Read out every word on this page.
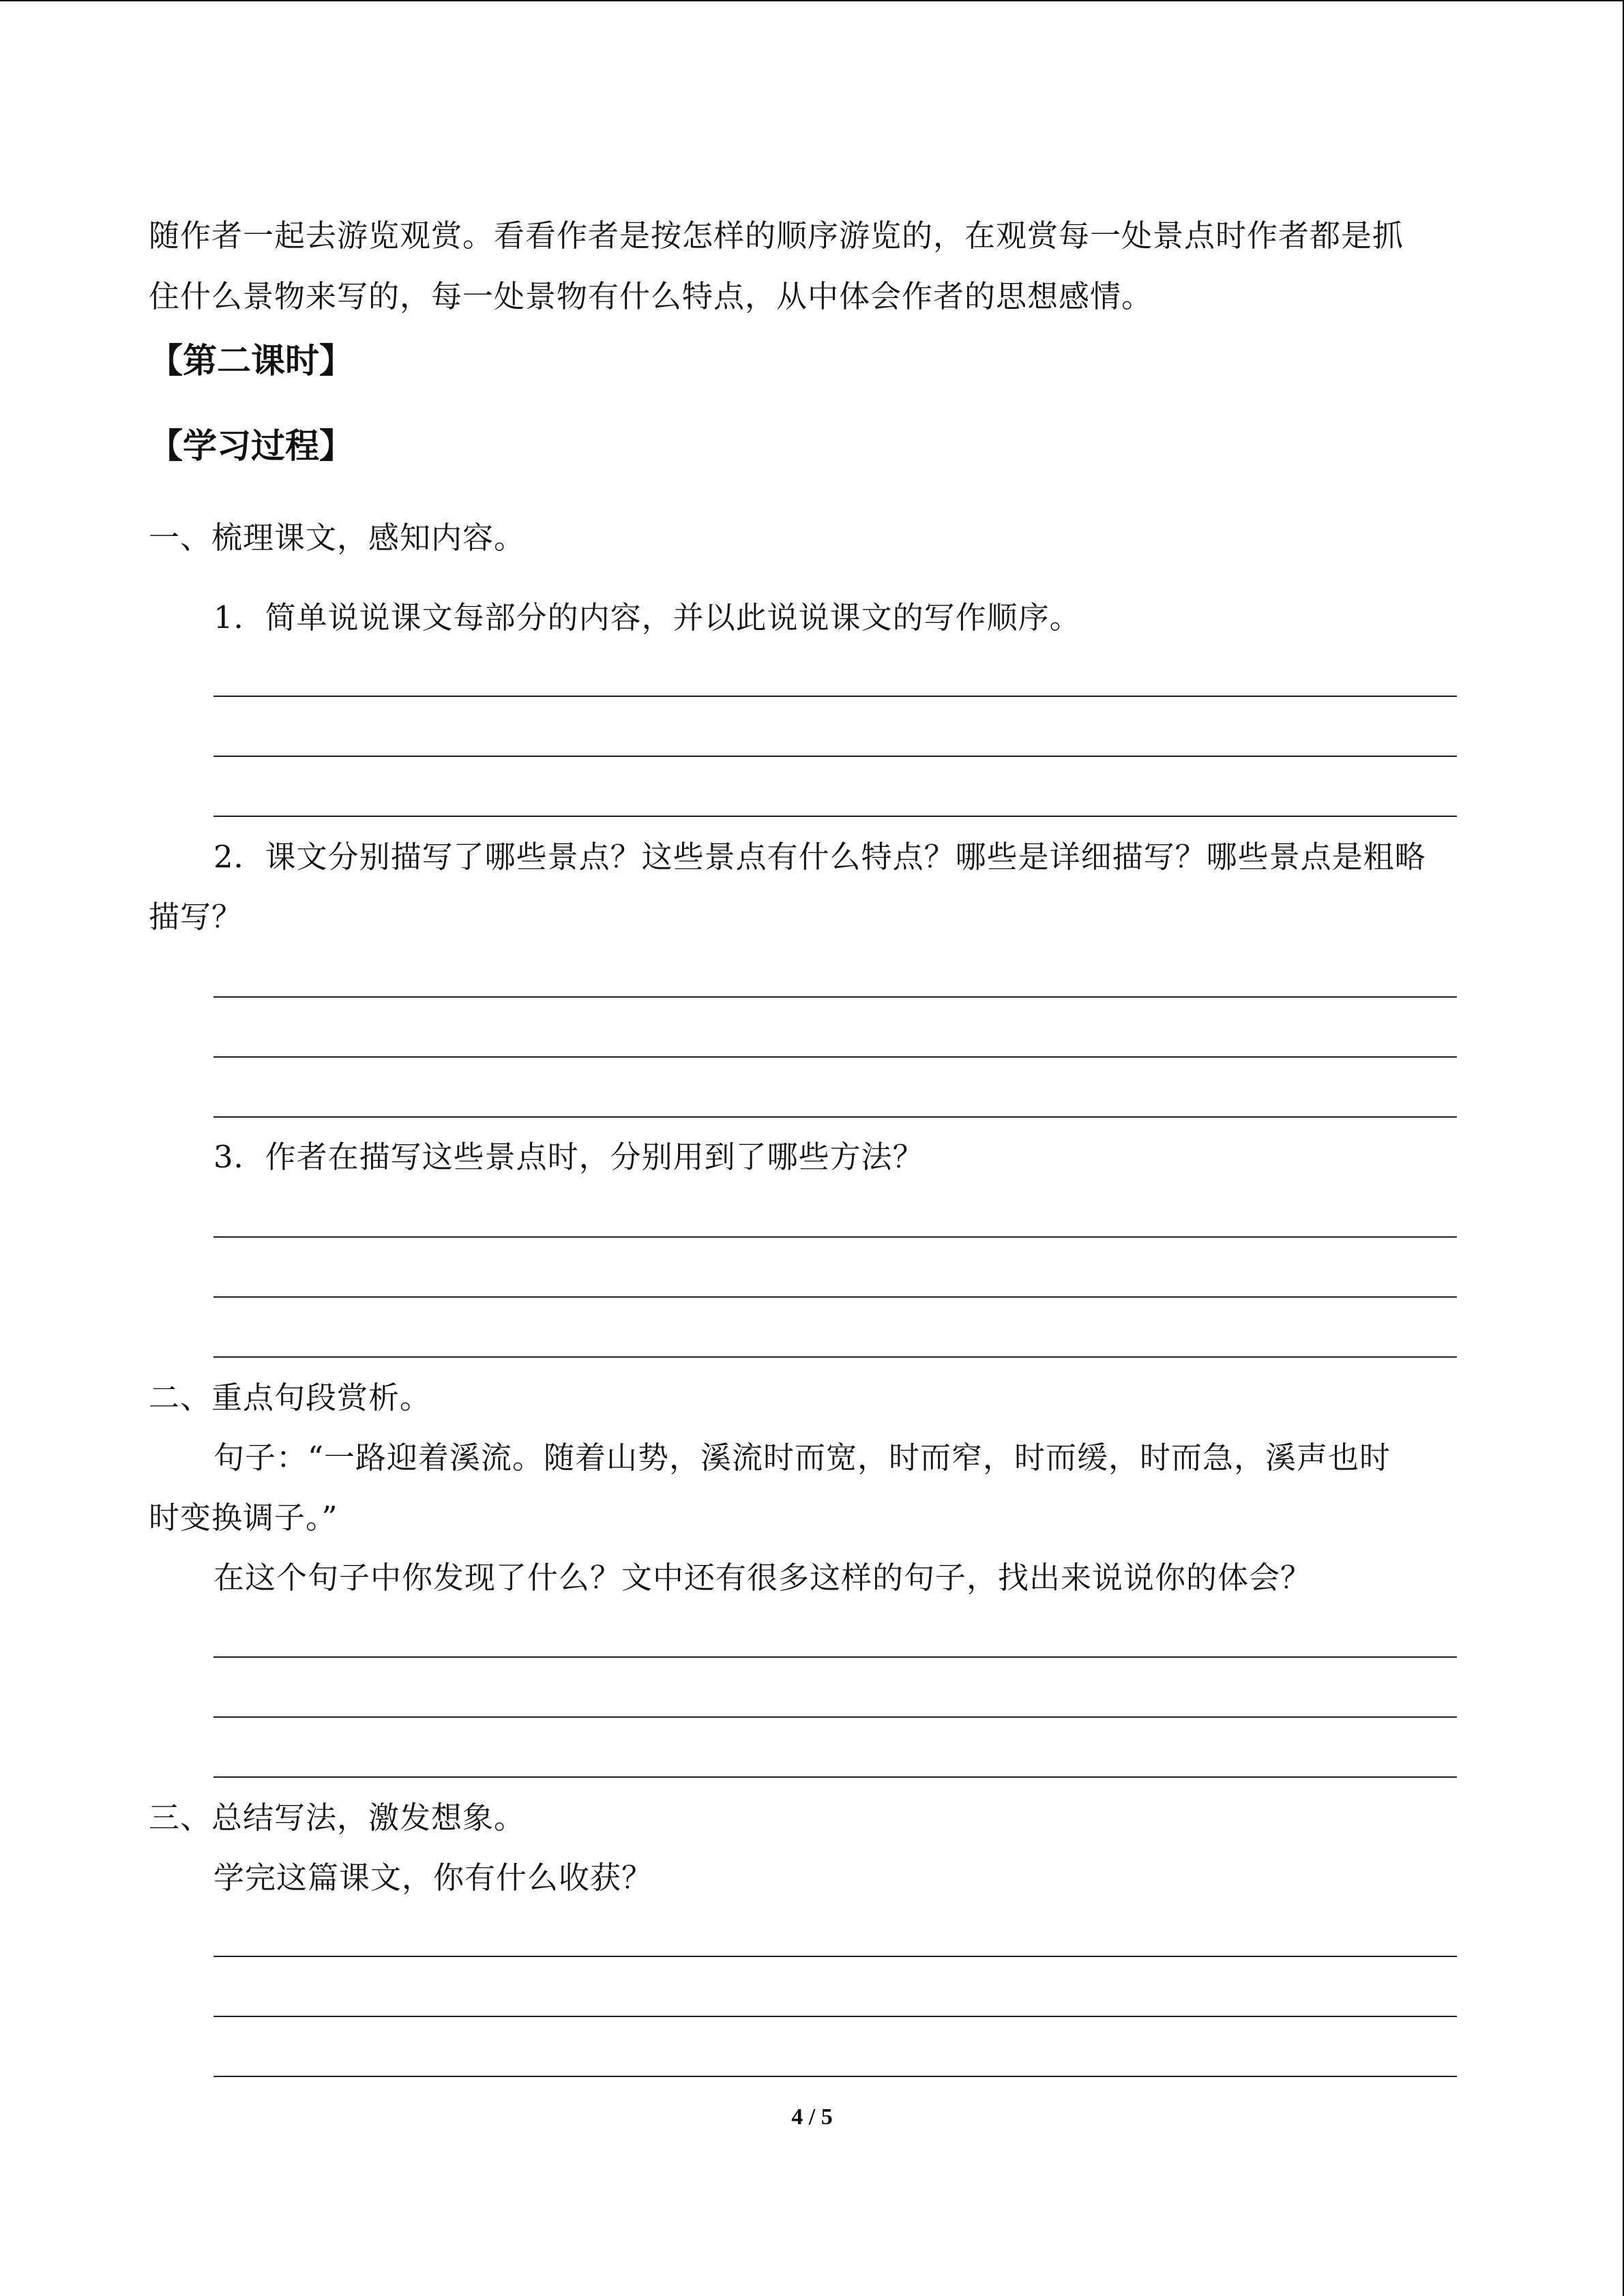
随作者一起去游览观赏。看看作者是按怎样的顺序游览的，在观赏每一处景点时作者都是抓
住什么景物来写的，每一处景物有什么特点，从中体会作者的思想感情。
【第二课时】
【学习过程】
一、梳理课文，感知内容。
1．简单说说课文每部分的内容，并以此说说课文的写作顺序。
2．课文分别描写了哪些景点？这些景点有什么特点？哪些是详细描写？哪些景点是粗略
描写？
3．作者在描写这些景点时，分别用到了哪些方法？
二、重点句段赏析。
句子：“一路迎着溪流。随着山势，溪流时而宽，时而窄，时而缓，时而急，溪声也时
时变换调子。”
在这个句子中你发现了什么？文中还有很多这样的句子，找出来说说你的体会？
三、总结写法，激发想象。
学完这篇课文，你有什么收获？
4 / 5
